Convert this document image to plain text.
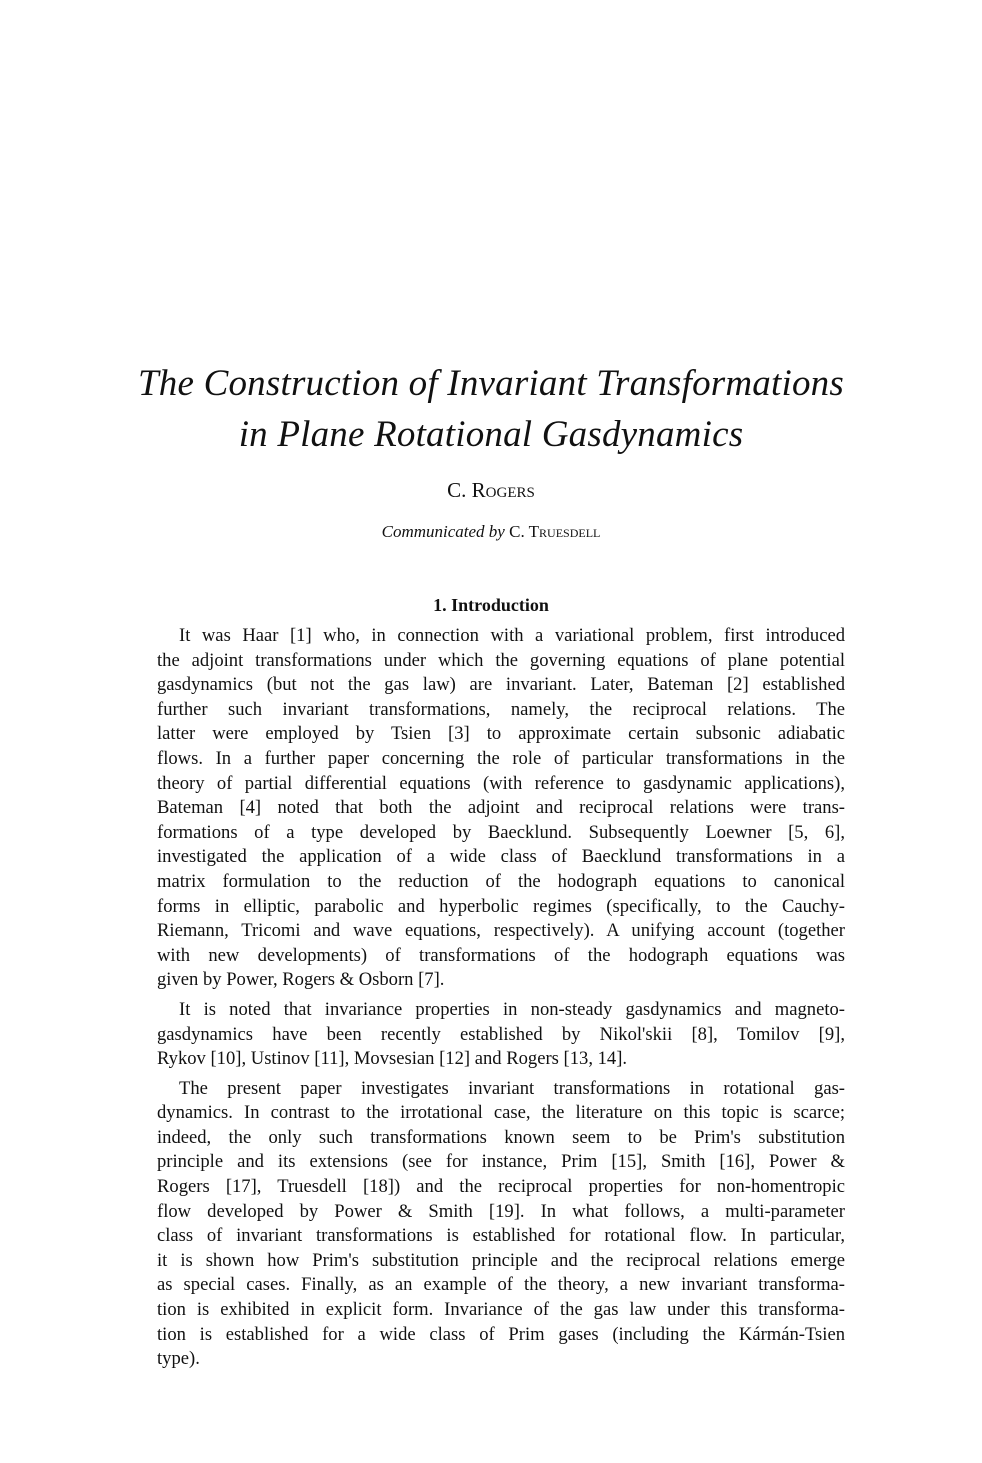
The Construction of Invariant Transformations
in Plane Rotational Gasdynamics

C. Rogers

Communicated by C. Truesdell

1. Introduction

It was Haar [1] who, in connection with a variational problem, first introduced
the adjoint transformations under which the governing equations of plane potential
gasdynamics (but not the gas law) are invariant. Later, Bateman [2] established
further such invariant transformations, namely, the reciprocal relations. The
latter were employed by Tsien [3] to approximate certain subsonic adiabatic
flows. In a further paper concerning the role of particular transformations in the
theory of partial differential equations (with reference to gasdynamic applications),
Bateman [4] noted that both the adjoint and reciprocal relations were trans-
formations of a type developed by Baecklund. Subsequently Loewner [5, 6],
investigated the application of a wide class of Baecklund transformations in a
matrix formulation to the reduction of the hodograph equations to canonical
forms in elliptic, parabolic and hyperbolic regimes (specifically, to the Cauchy-
Riemann, Tricomi and wave equations, respectively). A unifying account (together
with new developments) of transformations of the hodograph equations was
given by Power, Rogers & Osborn [7].

It is noted that invariance properties in non-steady gasdynamics and magneto-
gasdynamics have been recently established by Nikol'skii [8], Tomilov [9],
Rykov [10], Ustinov [11], Movsesian [12] and Rogers [13, 14].

The present paper investigates invariant transformations in rotational gas-
dynamics. In contrast to the irrotational case, the literature on this topic is scarce;
indeed, the only such transformations known seem to be Prim's substitution
principle and its extensions (see for instance, Prim [15], Smith [16], Power &
Rogers [17], Truesdell [18]) and the reciprocal properties for non-homentropic
flow developed by Power & Smith [19]. In what follows, a multi-parameter
class of invariant transformations is established for rotational flow. In particular,
it is shown how Prim's substitution principle and the reciprocal relations emerge
as special cases. Finally, as an example of the theory, a new invariant transforma-
tion is exhibited in explicit form. Invariance of the gas law under this transforma-
tion is established for a wide class of Prim gases (including the Kármán-Tsien
type).
